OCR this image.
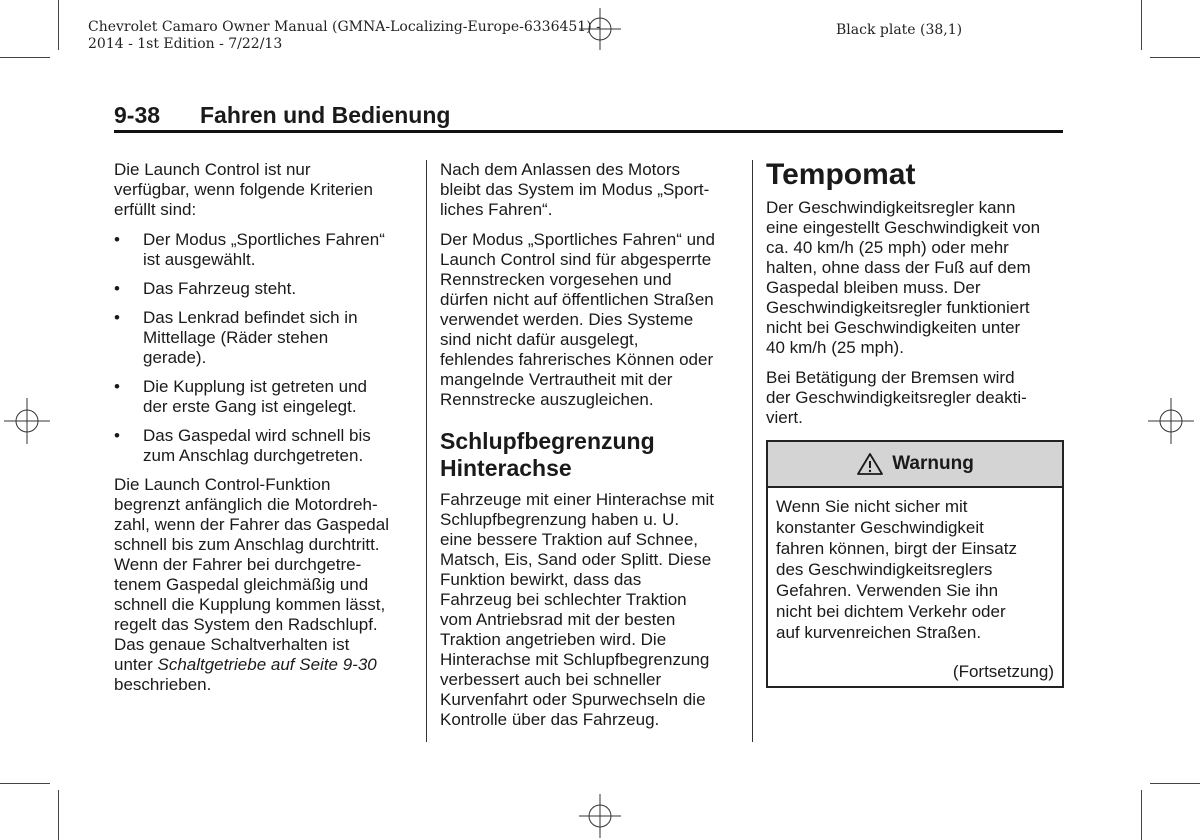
Chevrolet Camaro Owner Manual (GMNA-Localizing-Europe-6336451) -
2014 - 1st Edition - 7/22/13
Black plate (38,1)
9-38 Fahren und Bedienung

Die Launch Control ist nur
verfügbar, wenn folgende Kriterien
erfüllt sind:

• Der Modus „Sportliches Fahren“
ist ausgewählt.
• Das Fahrzeug steht.
• Das Lenkrad befindet sich in
Mittellage (Räder stehen
gerade).
• Die Kupplung ist getreten und
der erste Gang ist eingelegt.
• Das Gaspedal wird schnell bis
zum Anschlag durchgetreten.

Die Launch Control-Funktion
begrenzt anfänglich die Motordreh-
zahl, wenn der Fahrer das Gaspedal
schnell bis zum Anschlag durchtritt.
Wenn der Fahrer bei durchgetre-
tenem Gaspedal gleichmäßig und
schnell die Kupplung kommen lässt,
regelt das System den Radschlupf.
Das genaue Schaltverhalten ist
unter Schaltgetriebe auf Seite 9-30
beschrieben.

Nach dem Anlassen des Motors
bleibt das System im Modus „Sport-
liches Fahren“.

Der Modus „Sportliches Fahren“ und
Launch Control sind für abgesperrte
Rennstrecken vorgesehen und
dürfen nicht auf öffentlichen Straßen
verwendet werden. Dies Systeme
sind nicht dafür ausgelegt,
fehlendes fahrerisches Können oder
mangelnde Vertrautheit mit der
Rennstrecke auszugleichen.

Schlupfbegrenzung
Hinterachse

Fahrzeuge mit einer Hinterachse mit
Schlupfbegrenzung haben u. U.
eine bessere Traktion auf Schnee,
Matsch, Eis, Sand oder Splitt. Diese
Funktion bewirkt, dass das
Fahrzeug bei schlechter Traktion
vom Antriebsrad mit der besten
Traktion angetrieben wird. Die
Hinterachse mit Schlupfbegrenzung
verbessert auch bei schneller
Kurvenfahrt oder Spurwechseln die
Kontrolle über das Fahrzeug.

Tempomat

Der Geschwindigkeitsregler kann
eine eingestellt Geschwindigkeit von
ca. 40 km/h (25 mph) oder mehr
halten, ohne dass der Fuß auf dem
Gaspedal bleiben muss. Der
Geschwindigkeitsregler funktioniert
nicht bei Geschwindigkeiten unter
40 km/h (25 mph).

Bei Betätigung der Bremsen wird
der Geschwindigkeitsregler deakti-
viert.

Warnung
Wenn Sie nicht sicher mit
konstanter Geschwindigkeit
fahren können, birgt der Einsatz
des Geschwindigkeitsreglers
Gefahren. Verwenden Sie ihn
nicht bei dichtem Verkehr oder
auf kurvenreichen Straßen.
(Fortsetzung)
